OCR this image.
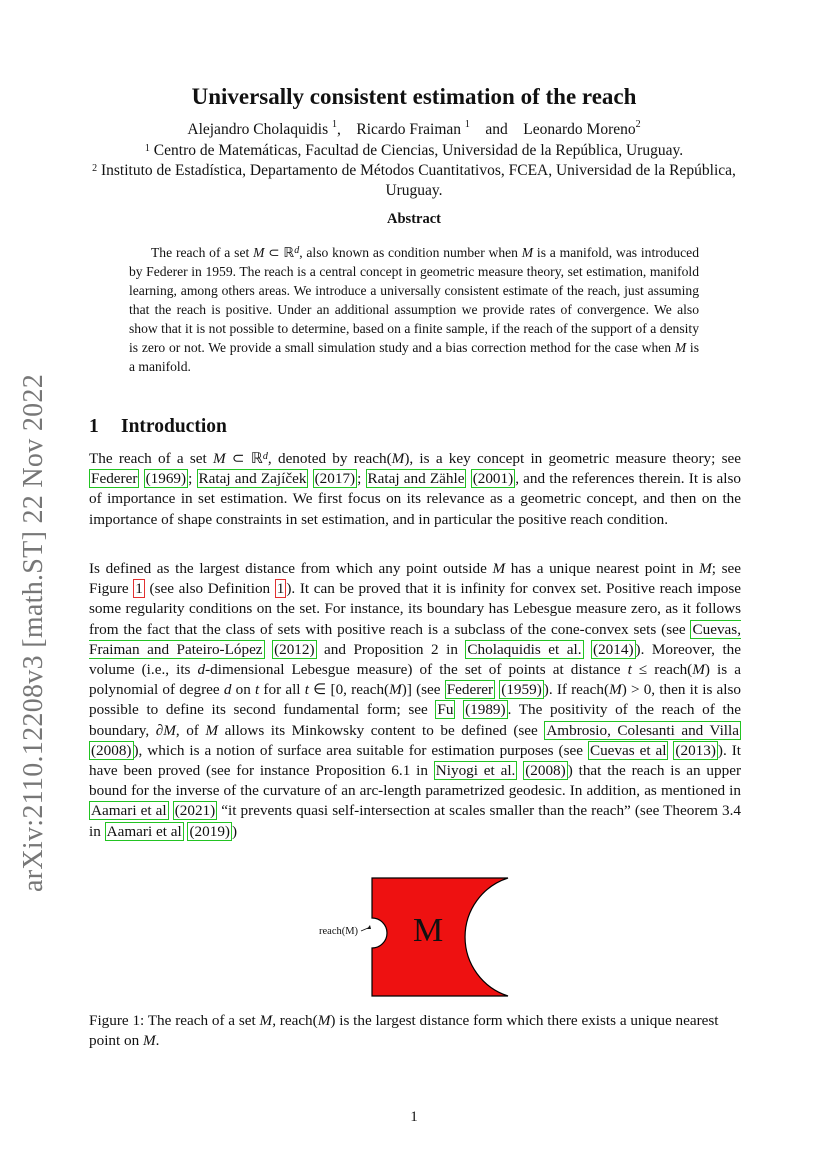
arXiv:2110.12208v3 [math.ST] 22 Nov 2022
Universally consistent estimation of the reach
Alejandro Cholaquidis $^1$,    Ricardo Fraiman $^1$ and Leonardo Moreno$^2$
$^1$ Centro de Matemáticas, Facultad de Ciencias, Universidad de la República, Uruguay.
$^2$ Instituto de Estadística, Departamento de Métodos Cuantitativos, FCEA, Universidad de la República, Uruguay.
Abstract
The reach of a set M ⊂ ℝ$^d$, also known as condition number when M is a manifold, was introduced by Federer in 1959. The reach is a central concept in geometric measure theory, set estimation, manifold learning, among others areas. We introduce a universally consistent estimate of the reach, just assuming that the reach is positive. Under an additional assumption we provide rates of convergence. We also show that it is not possible to determine, based on a finite sample, if the reach of the support of a density is zero or not. We provide a small simulation study and a bias correction method for the case when M is a manifold.
1 Introduction
The reach of a set M ⊂ ℝ$^d$, denoted by reach(M), is a key concept in geometric measure theory; see Federer (1969) ; Rataj and Zajíček (2017) ; Rataj and Zähle (2001) , and the references therein. It is also of importance in set estimation. We first focus on its relevance as a geometric concept, and then on the importance of shape constraints in set estimation, and in particular the positive reach condition.
Is defined as the largest distance from which any point outside M has a unique nearest point in M; see Figure 1 (see also Definition 1 ). It can be proved that it is infinity for convex set. Positive reach impose some regularity conditions on the set. For instance, its boundary has Lebesgue measure zero, as it follows from the fact that the class of sets with positive reach is a subclass of the cone-convex sets (see Cuevas, Fraiman and Pateiro-López (2012) and Proposition 2 in Cholaquidis et al. (2014) ). Moreover, the volume (i.e., its d-dimensional Lebesgue measure) of the set of points at distance t ≤ reach(M) is a polynomial of degree d on t for all t ∈ [0, reach(M)] (see Federer (1959) ). If reach(M) > 0, then it is also possible to define its second fundamental form; see Fu (1989) . The positivity of the reach of the boundary, ∂M, of M allows its Minkowsky content to be defined (see Ambrosio, Colesanti and Villa (2008) ), which is a notion of surface area suitable for estimation purposes (see Cuevas et al (2013) ). It have been proved (see for instance Proposition 6.1 in Niyogi et al. (2008) ) that the reach is an upper bound for the inverse of the curvature of an arc-length parametrized geodesic. In addition, as mentioned in Aamari et al (2021) “it prevents quasi self-intersection at scales smaller than the reach” (see Theorem 3.4 in Aamari et al (2019) )
M
reach(M)
Figure 1: The reach of a set M, reach(M) is the largest distance form which there exists a unique nearest point on M.
1
